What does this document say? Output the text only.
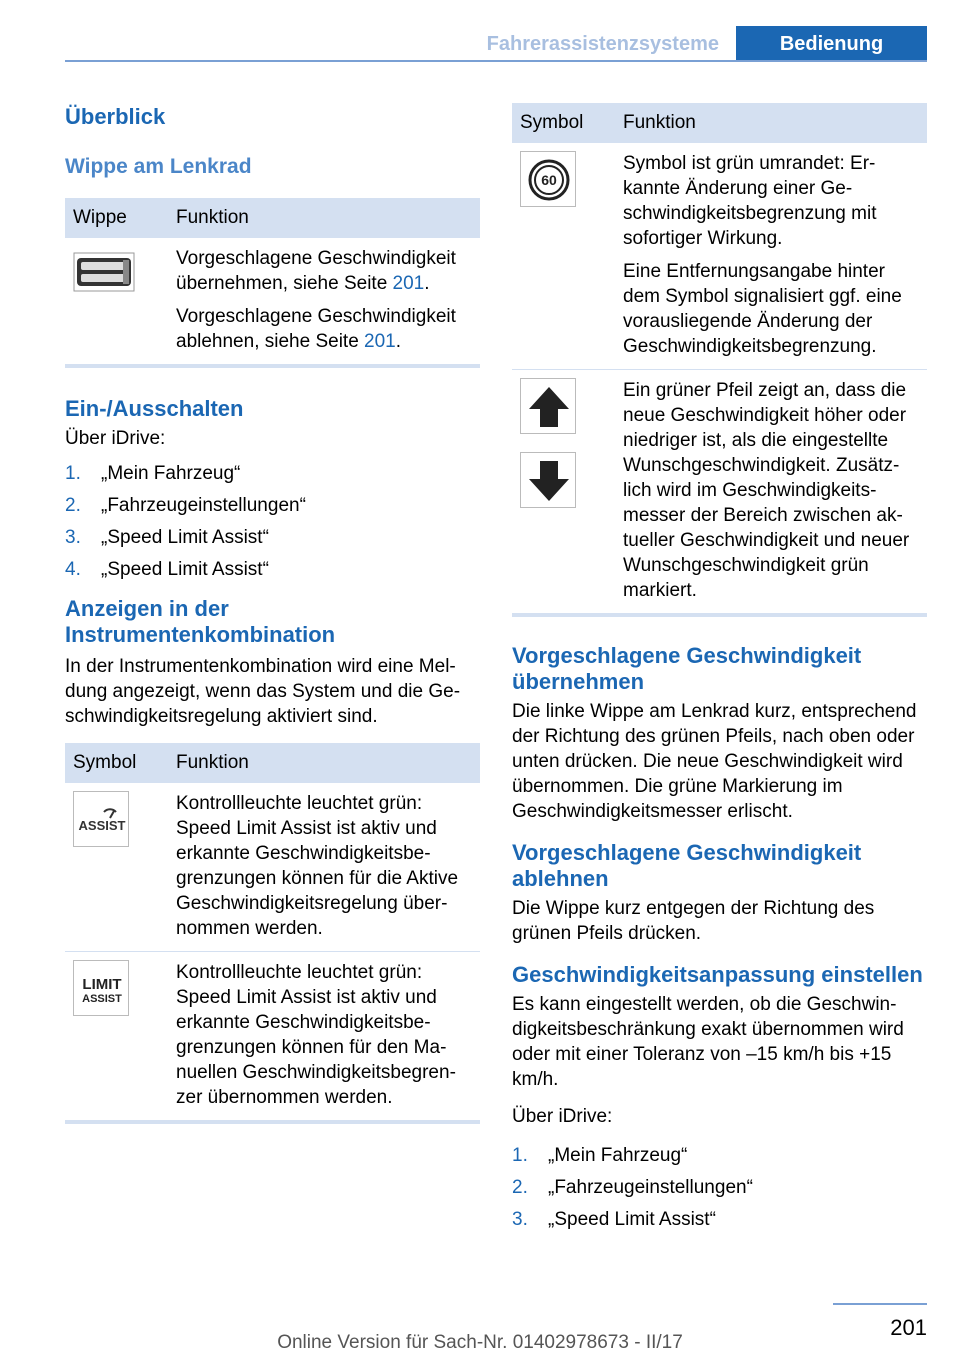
Fahrerassistenzsysteme	Bedienung
Überblick
Wippe am Lenkrad
Wippe	Funktion

Vorgeschlagene Geschwindigkeit übernehmen, siehe Seite 201.
Vorgeschlagene Geschwindigkeit ablehnen, siehe Seite 201.
Ein-/Ausschalten
Über iDrive:
1. „Mein Fahrzeug“
2. „Fahrzeugeinstellungen“
3. „Speed Limit Assist“
4. „Speed Limit Assist“
Anzeigen in der Instrumentenkombination
In der Instrumentenkombination wird eine Meldung angezeigt, wenn das System und die Geschwindigkeitsregelung aktiviert sind.
Symbol	Funktion

ASSIST	Kontrollleuchte leuchtet grün: Speed Limit Assist ist aktiv und erkannte Geschwindigkeitsbegrenzungen können für die Aktive Geschwindigkeitsregelung übernommen werden.

LIMIT
ASSIST	Kontrollleuchte leuchtet grün: Speed Limit Assist ist aktiv und erkannte Geschwindigkeitsbegrenzungen können für den Manuellen Geschwindigkeitsbegrenzer übernommen werden.
Symbol	Funktion

60	Symbol ist grün umrandet: Erkannte Änderung einer Geschwindigkeitsbegrenzung mit sofortiger Wirkung.
Eine Entfernungsangabe hinter dem Symbol signalisiert ggf. eine vorausliegende Änderung der Geschwindigkeitsbegrenzung.

	Ein grüner Pfeil zeigt an, dass die neue Geschwindigkeit höher oder niedriger ist, als die eingestellte Wunschgeschwindigkeit. Zusätzlich wird im Geschwindigkeitsmesser der Bereich zwischen aktueller Geschwindigkeit und neuer Wunschgeschwindigkeit grün markiert.
Vorgeschlagene Geschwindigkeit übernehmen
Die linke Wippe am Lenkrad kurz, entsprechend der Richtung des grünen Pfeils, nach oben oder unten drücken. Die neue Geschwindigkeit wird übernommen. Die grüne Markierung im Geschwindigkeitsmesser erlischt.
Vorgeschlagene Geschwindigkeit ablehnen
Die Wippe kurz entgegen der Richtung des grünen Pfeils drücken.
Geschwindigkeitsanpassung einstellen
Es kann eingestellt werden, ob die Geschwindigkeitsbeschränkung exakt übernommen wird oder mit einer Toleranz von –15 km/h bis +15 km/h.
Über iDrive:
1. „Mein Fahrzeug“
2. „Fahrzeugeinstellungen“
3. „Speed Limit Assist“
201
Online Version für Sach-Nr. 01402978673 - II/17
